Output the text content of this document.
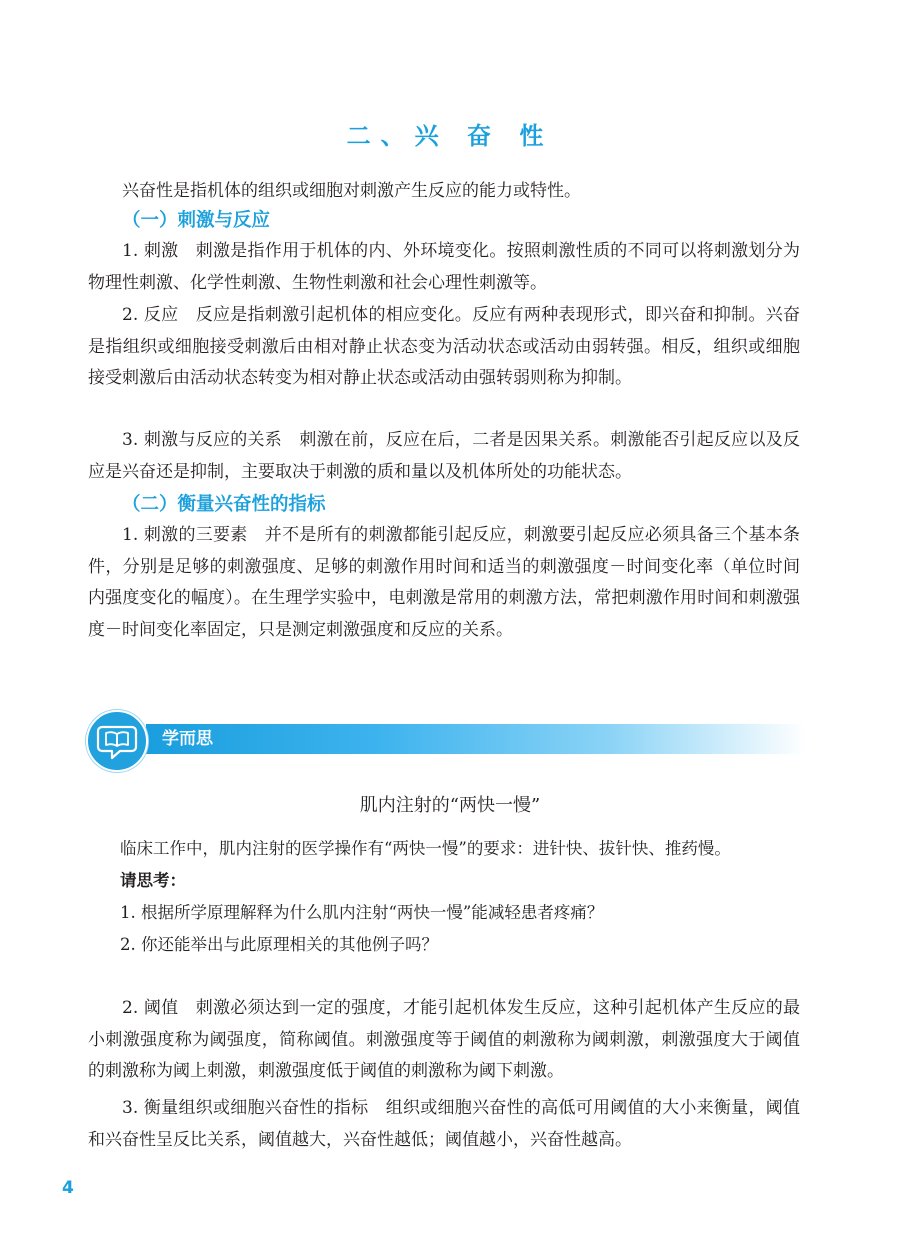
二、兴 奋 性
兴奋性是指机体的组织或细胞对刺激产生反应的能力或特性。
（一）刺激与反应
1. 刺激　刺激是指作用于机体的内、外环境变化。按照刺激性质的不同可以将刺激划分为物理性刺激、化学性刺激、生物性刺激和社会心理性刺激等。
2. 反应　反应是指刺激引起机体的相应变化。反应有两种表现形式，即兴奋和抑制。兴奋是指组织或细胞接受刺激后由相对静止状态变为活动状态或活动由弱转强。相反，组织或细胞接受刺激后由活动状态转变为相对静止状态或活动由强转弱则称为抑制。
3. 刺激与反应的关系　刺激在前，反应在后，二者是因果关系。刺激能否引起反应以及反应是兴奋还是抑制，主要取决于刺激的质和量以及机体所处的功能状态。
（二）衡量兴奋性的指标
1. 刺激的三要素　并不是所有的刺激都能引起反应，刺激要引起反应必须具备三个基本条件，分别是足够的刺激强度、足够的刺激作用时间和适当的刺激强度－时间变化率（单位时间内强度变化的幅度）。在生理学实验中，电刺激是常用的刺激方法，常把刺激作用时间和刺激强度－时间变化率固定，只是测定刺激强度和反应的关系。
学而思
肌内注射的“两快一慢”
临床工作中，肌内注射的医学操作有“两快一慢”的要求：进针快、拔针快、推药慢。
请思考：
1. 根据所学原理解释为什么肌内注射“两快一慢”能减轻患者疼痛？
2. 你还能举出与此原理相关的其他例子吗？
2. 阈值　刺激必须达到一定的强度，才能引起机体发生反应，这种引起机体产生反应的最小刺激强度称为阈强度，简称阈值。刺激强度等于阈值的刺激称为阈刺激，刺激强度大于阈值的刺激称为阈上刺激，刺激强度低于阈值的刺激称为阈下刺激。
3. 衡量组织或细胞兴奋性的指标　组织或细胞兴奋性的高低可用阈值的大小来衡量，阈值和兴奋性呈反比关系，阈值越大，兴奋性越低；阈值越小，兴奋性越高。
4
